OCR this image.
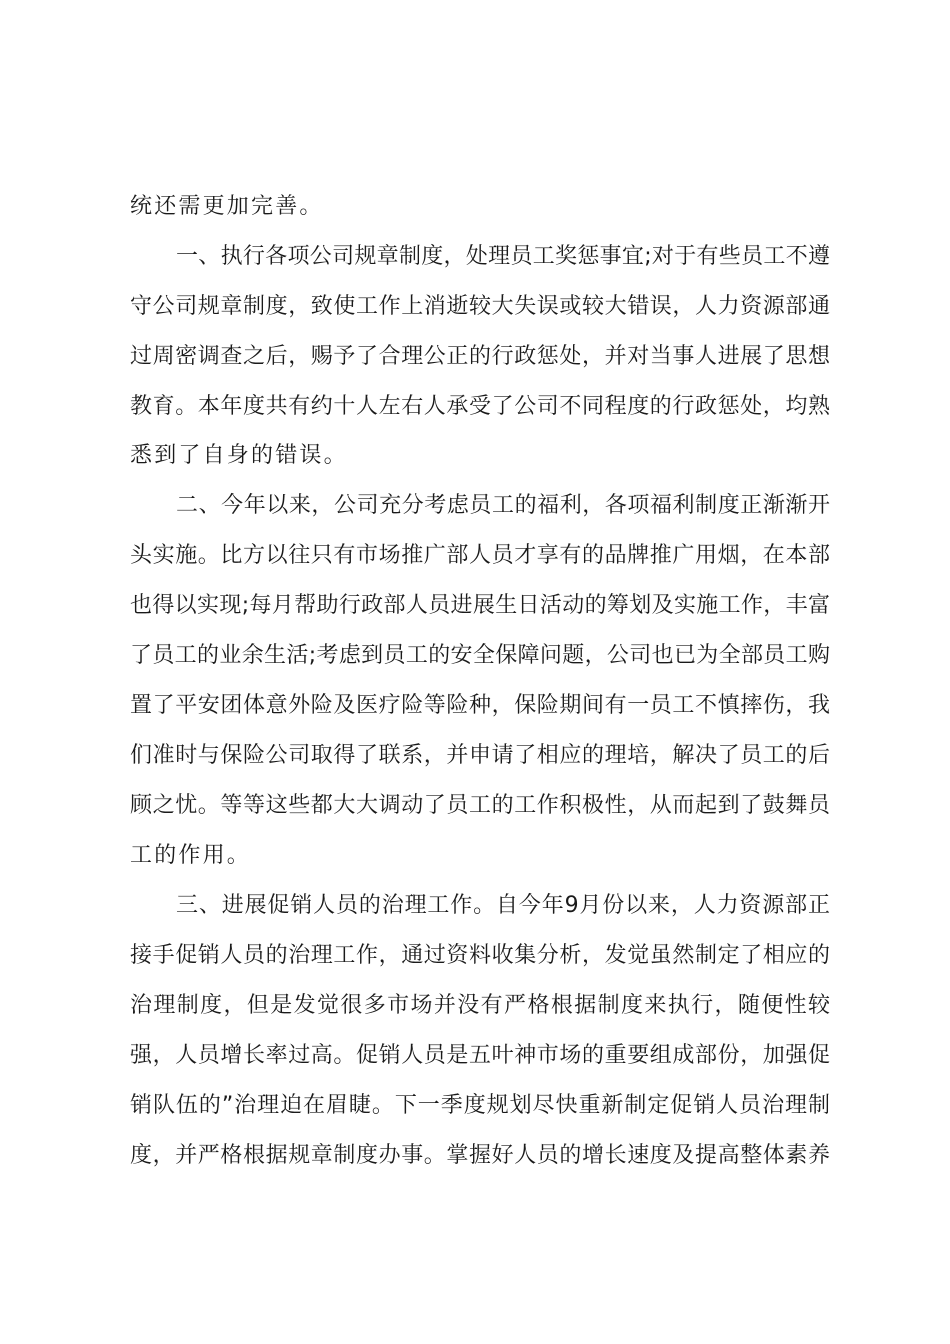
统还需更加完善。

一、执行各项公司规章制度，处理员工奖惩事宜;对于有些员工不遵

守公司规章制度，致使工作上消逝较大失误或较大错误，人力资源部通

过周密调查之后，赐予了合理公正的行政惩处，并对当事人进展了思想

教育。本年度共有约十人左右人承受了公司不同程度的行政惩处，均熟

悉到了自身的错误。

二、今年以来，公司充分考虑员工的福利，各项福利制度正渐渐开

头实施。比方以往只有市场推广部人员才享有的品牌推广用烟，在本部

也得以实现;每月帮助行政部人员进展生日活动的筹划及实施工作，丰富

了员工的业余生活;考虑到员工的安全保障问题，公司也已为全部员工购

置了平安团体意外险及医疗险等险种，保险期间有一员工不慎摔伤，我

们准时与保险公司取得了联系，并申请了相应的理培，解决了员工的后

顾之忧。等等这些都大大调动了员工的工作积极性，从而起到了鼓舞员

工的作用。

三、进展促销人员的治理工作。自今年9月份以来，人力资源部正

接手促销人员的治理工作，通过资料收集分析，发觉虽然制定了相应的

治理制度，但是发觉很多市场并没有严格根据制度来执行，随便性较

强，人员增长率过高。促销人员是五叶神市场的重要组成部份，加强促

销队伍的”治理迫在眉睫。下一季度规划尽快重新制定促销人员治理制

度，并严格根据规章制度办事。掌握好人员的增长速度及提高整体素养
